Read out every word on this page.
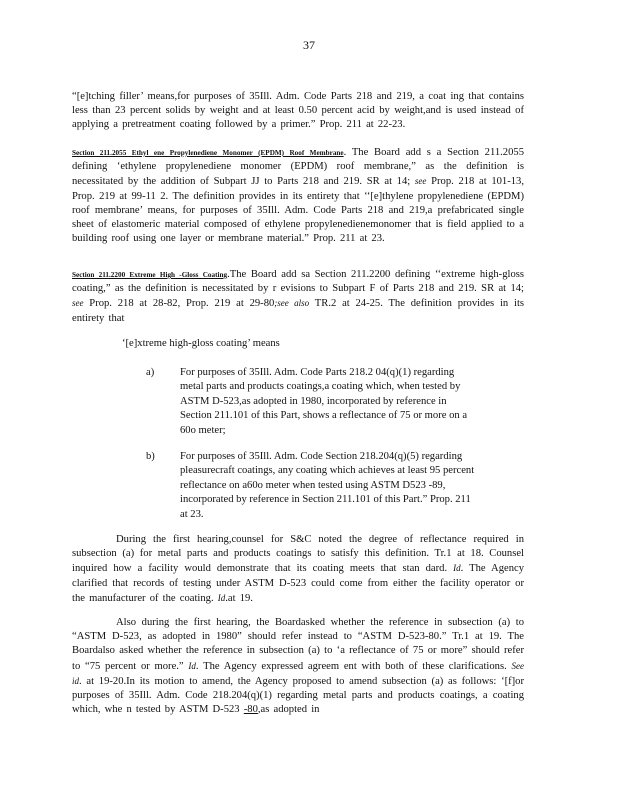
37

“[e]tching filler’ means,for purposes of 35Ill. Adm. Code Parts 218 and 219, a coat ing that contains less than 23 percent solids by weight and at least 0.50 percent acid by weight,and is used instead of applying a pretreatment coating followed by a primer.” Prop. 211 at 22-23.

Section 211.2055 Ethyl ene Propylenediene Monomer (EPDM) Roof Membrane. The Board add s a Section 211.2055 defining ‘ethylene propylenediene monomer (EPDM) roof membrane,” as the definition is necessitated by the addition of Subpart JJ to Parts 218 and 219. SR at 14; see Prop. 218 at 101-13, Prop. 219 at 99-11 2. The definition provides in its entirety that ‘‘[e]thylene propylenediene (EPDM) roof membrane’ means, for purposes of 35Ill. Adm. Code Parts 218 and 219,a prefabricated single sheet of elastomeric material composed of ethylene propylenedienemonomer that is field applied to a building roof using one layer or membrane material.” Prop. 211 at 23.

Section 211.2200 Extreme High -Gloss Coating.The Board add sa Section 211.2200 defining ‘‘extreme high-gloss coating,” as the definition is necessitated by r evisions to Subpart F of Parts 218 and 219. SR at 14; see Prop. 218 at 28-82, Prop. 219 at 29-80;see also TR.2 at 24-25. The definition provides in its entirety that

‘[e]xtreme high-gloss coating’ means
a) For purposes of 35Ill. Adm. Code Parts 218.2 04(q)(1) regarding metal parts and products coatings,a coating which, when tested by ASTM D-523,as adopted in 1980, incorporated by reference in Section 211.101 of this Part, shows a reflectance of 75 or more on a 60o meter;
b) For purposes of 35Ill. Adm. Code Section 218.204(q)(5) regarding pleasurecraft coatings, any coating which achieves at least 95 percent reflectance on a60o meter when tested using ASTM D523 -89, incorporated by reference in Section 211.101 of this Part.” Prop. 211 at 23.

During the first hearing,counsel for S&C noted the degree of reflectance required in subsection (a) for metal parts and products coatings to satisfy this definition. Tr.1 at 18. Counsel inquired how a facility would demonstrate that its coating meets that stan dard. Id. The Agency clarified that records of testing under ASTM D-523 could come from either the facility operator or the manufacturer of the coating. Id.at 19.

Also during the first hearing, the Boardasked whether the reference in subsection (a) to “ASTM D-523, as adopted in 1980” should refer instead to “ASTM D-523-80.” Tr.1 at 19. The Boardalso asked whether the reference in subsection (a) to ‘a reflectance of 75 or more” should refer to “75 percent or more.” Id. The Agency expressed agreem ent with both of these clarifications. See id. at 19-20.In its motion to amend, the Agency proposed to amend subsection (a) as follows: ‘[f]or purposes of 35Ill. Adm. Code 218.204(q)(1) regarding metal parts and products coatings, a coating which, whe n tested by ASTM D-523 -80,as adopted in
